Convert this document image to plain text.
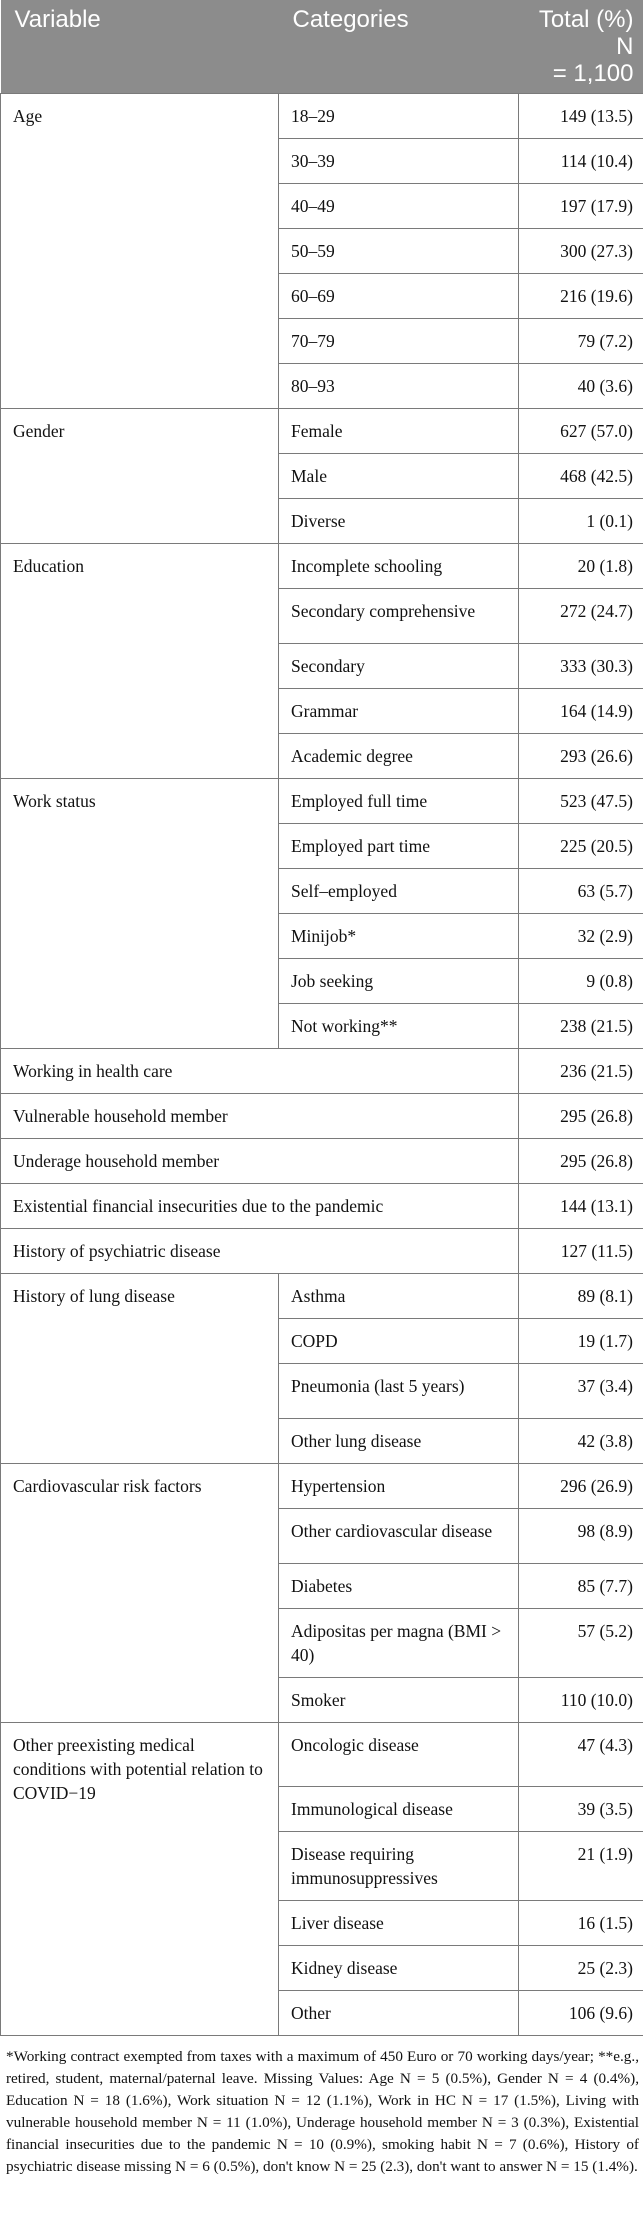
Variable	Categories	Total (%) N
= 1,100
Age	18–29	149 (13.5)
	30–39	114 (10.4)
	40–49	197 (17.9)
	50–59	300 (27.3)
	60–69	216 (19.6)
	70–79	79 (7.2)
	80–93	40 (3.6)
Gender	Female	627 (57.0)
	Male	468 (42.5)
	Diverse	1 (0.1)
Education	Incomplete schooling	20 (1.8)
	Secondary comprehensive	272 (24.7)
	Secondary	333 (30.3)
	Grammar	164 (14.9)
	Academic degree	293 (26.6)
Work status	Employed full time	523 (47.5)
	Employed part time	225 (20.5)
	Self–employed	63 (5.7)
	Minijob*	32 (2.9)
	Job seeking	9 (0.8)
	Not working**	238 (21.5)
Working in health care		236 (21.5)
Vulnerable household member		295 (26.8)
Underage household member		295 (26.8)
Existential financial insecurities due to the pandemic		144 (13.1)
History of psychiatric disease		127 (11.5)
History of lung disease	Asthma	89 (8.1)
	COPD	19 (1.7)
	Pneumonia (last 5 years)	37 (3.4)
	Other lung disease	42 (3.8)
Cardiovascular risk factors	Hypertension	296 (26.9)
	Other cardiovascular disease	98 (8.9)
	Diabetes	85 (7.7)
	Adipositas per magna (BMI > 40)	57 (5.2)
	Smoker	110 (10.0)
Other preexisting medical conditions with potential relation to COVID−19	Oncologic disease	47 (4.3)
	Immunological disease	39 (3.5)
	Disease requiring immunosuppressives	21 (1.9)
	Liver disease	16 (1.5)
	Kidney disease	25 (2.3)
	Other	106 (9.6)
*Working contract exempted from taxes with a maximum of 450 Euro or 70 working days/year; **e.g., retired, student, maternal/paternal leave. Missing Values: Age N = 5 (0.5%), Gender N = 4 (0.4%), Education N = 18 (1.6%), Work situation N = 12 (1.1%), Work in HC N = 17 (1.5%), Living with vulnerable household member N = 11 (1.0%), Underage household member N = 3 (0.3%), Existential financial insecurities due to the pandemic N = 10 (0.9%), smoking habit N = 7 (0.6%), History of psychiatric disease missing N = 6 (0.5%), don't know N = 25 (2.3), don't want to answer N = 15 (1.4%).
